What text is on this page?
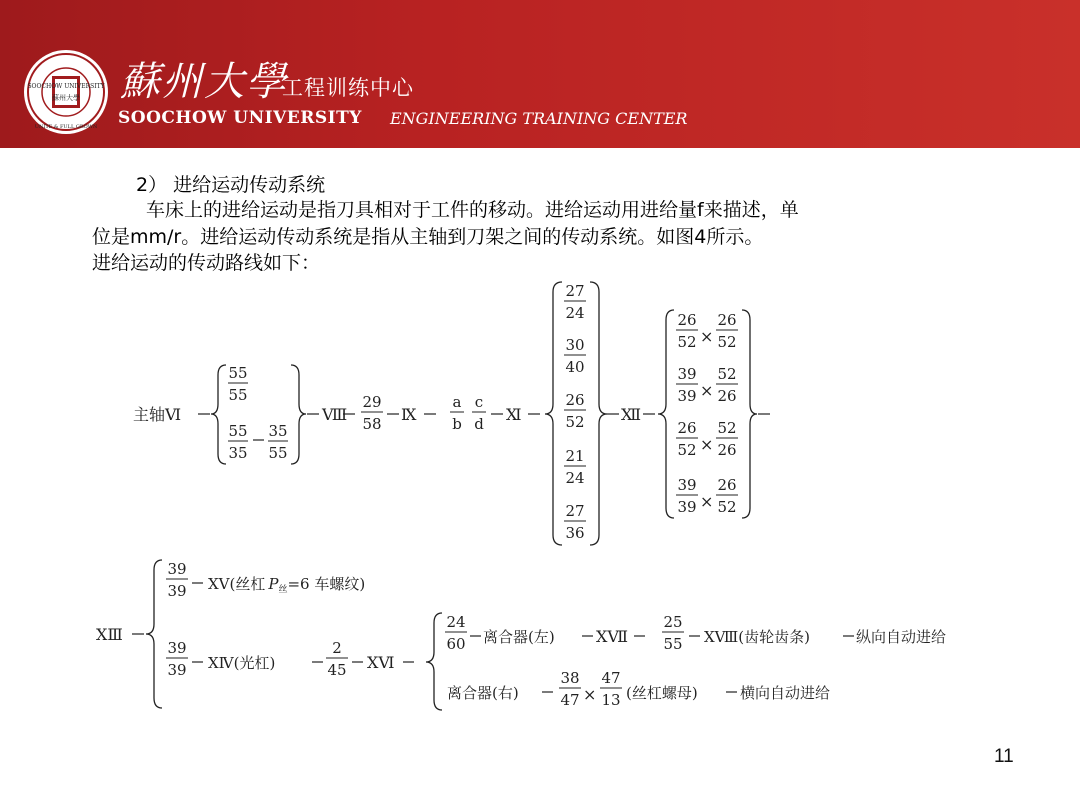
SOOCHOW UNIVERSITY
蘇州大學
UNITE & FULL GROWN
蘇州大學
工程训练中心
SOOCHOW UNIVERSITY ENGINEERING TRAINING CENTER
2） 进给运动传动系统
车床上的进给运动是指刀具相对于工件的移动。进给运动用进给量f来描述，单
位是mm/r。进给运动传动系统是指从主轴到刀架之间的传动系统。如图4所示。
进给运动的传动路线如下：
主轴Ⅵ
55
55
55
35
35
55
Ⅷ
29
58 Ⅸ
a
b
c
d Ⅺ
27
24
30
40
26
52
21
24
27
36
Ⅻ
26
52 ×
26
52
39
39 ×
52
26
26
52 ×
52
26
39
39 ×
26
52
XⅢ
39
39 XⅤ(丝杠 $P_丝=6$ 车螺纹)
39
39 XⅣ(光杠)
2
45 XⅥ
24
60 离合器(左)	XⅦ
25
55 XⅧ(齿轮齿条)	纵向自动进给
离合器(右)
38
47 ×
47
13 (丝杠螺母)	横向自动进给
11
